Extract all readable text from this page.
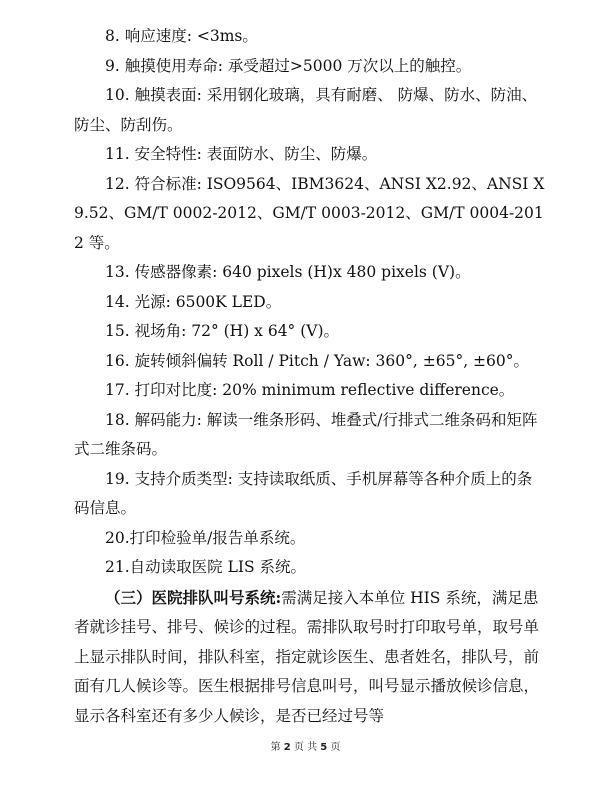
8. 响应速度: <3ms。

9. 触摸使用寿命: 承受超过>5000 万次以上的触控。

10. 触摸表面: 采用钢化玻璃，具有耐磨、 防爆、防水、防油、防尘、防刮伤。

11. 安全特性: 表面防水、防尘、防爆。

12. 符合标准: ISO9564、IBM3624、ANSI X2.92、ANSI X9.52、GM/T 0002-2012、GM/T 0003-2012、GM/T 0004-2012 等。

13. 传感器像素: 640 pixels (H)x 480 pixels (V)。

14. 光源: 6500K LED。

15. 视场角: 72° (H) x 64° (V)。

16. 旋转倾斜偏转 Roll / Pitch / Yaw: 360°, ±65°, ±60°。

17. 打印对比度: 20% minimum reflective difference。

18. 解码能力: 解读一维条形码、堆叠式/行排式二维条码和矩阵式二维条码。

19. 支持介质类型: 支持读取纸质、手机屏幕等各种介质上的条码信息。

20.打印检验单/报告单系统。

21.自动读取医院 LIS 系统。

（三）医院排队叫号系统:需满足接入本单位 HIS 系统，满足患者就诊挂号、排号、候诊的过程。需排队取号时打印取号单，取号单上显示排队时间，排队科室，指定就诊医生、患者姓名，排队号，前面有几人候诊等。医生根据排号信息叫号，叫号显示播放候诊信息，显示各科室还有多少人候诊，是否已经过号等

第 2 页 共 5 页
